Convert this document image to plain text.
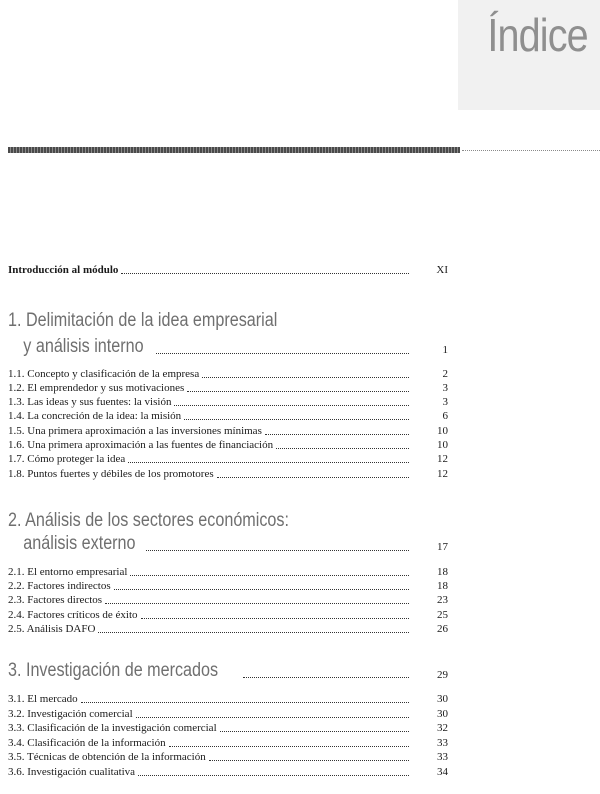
Índice
Introducción al módulo	XI
1. Delimitación de la idea empresarial
y análisis interno	1
1.1. Concepto y clasificación de la empresa	2
1.2. El emprendedor y sus motivaciones	3
1.3. Las ideas y sus fuentes: la visión	3
1.4. La concreción de la idea: la misión	6
1.5. Una primera aproximación a las inversiones mínimas	10
1.6. Una primera aproximación a las fuentes de financiación	10
1.7. Cómo proteger la idea	12
1.8. Puntos fuertes y débiles de los promotores	12
2. Análisis de los sectores económicos:
análisis externo	17
2.1. El entorno empresarial	18
2.2. Factores indirectos	18
2.3. Factores directos	23
2.4. Factores críticos de éxito	25
2.5. Análisis DAFO	26
3. Investigación de mercados	29
3.1. El mercado	30
3.2. Investigación comercial	30
3.3. Clasificación de la investigación comercial	32
3.4. Clasificación de la información	33
3.5. Técnicas de obtención de la información	33
3.6. Investigación cualitativa	34
